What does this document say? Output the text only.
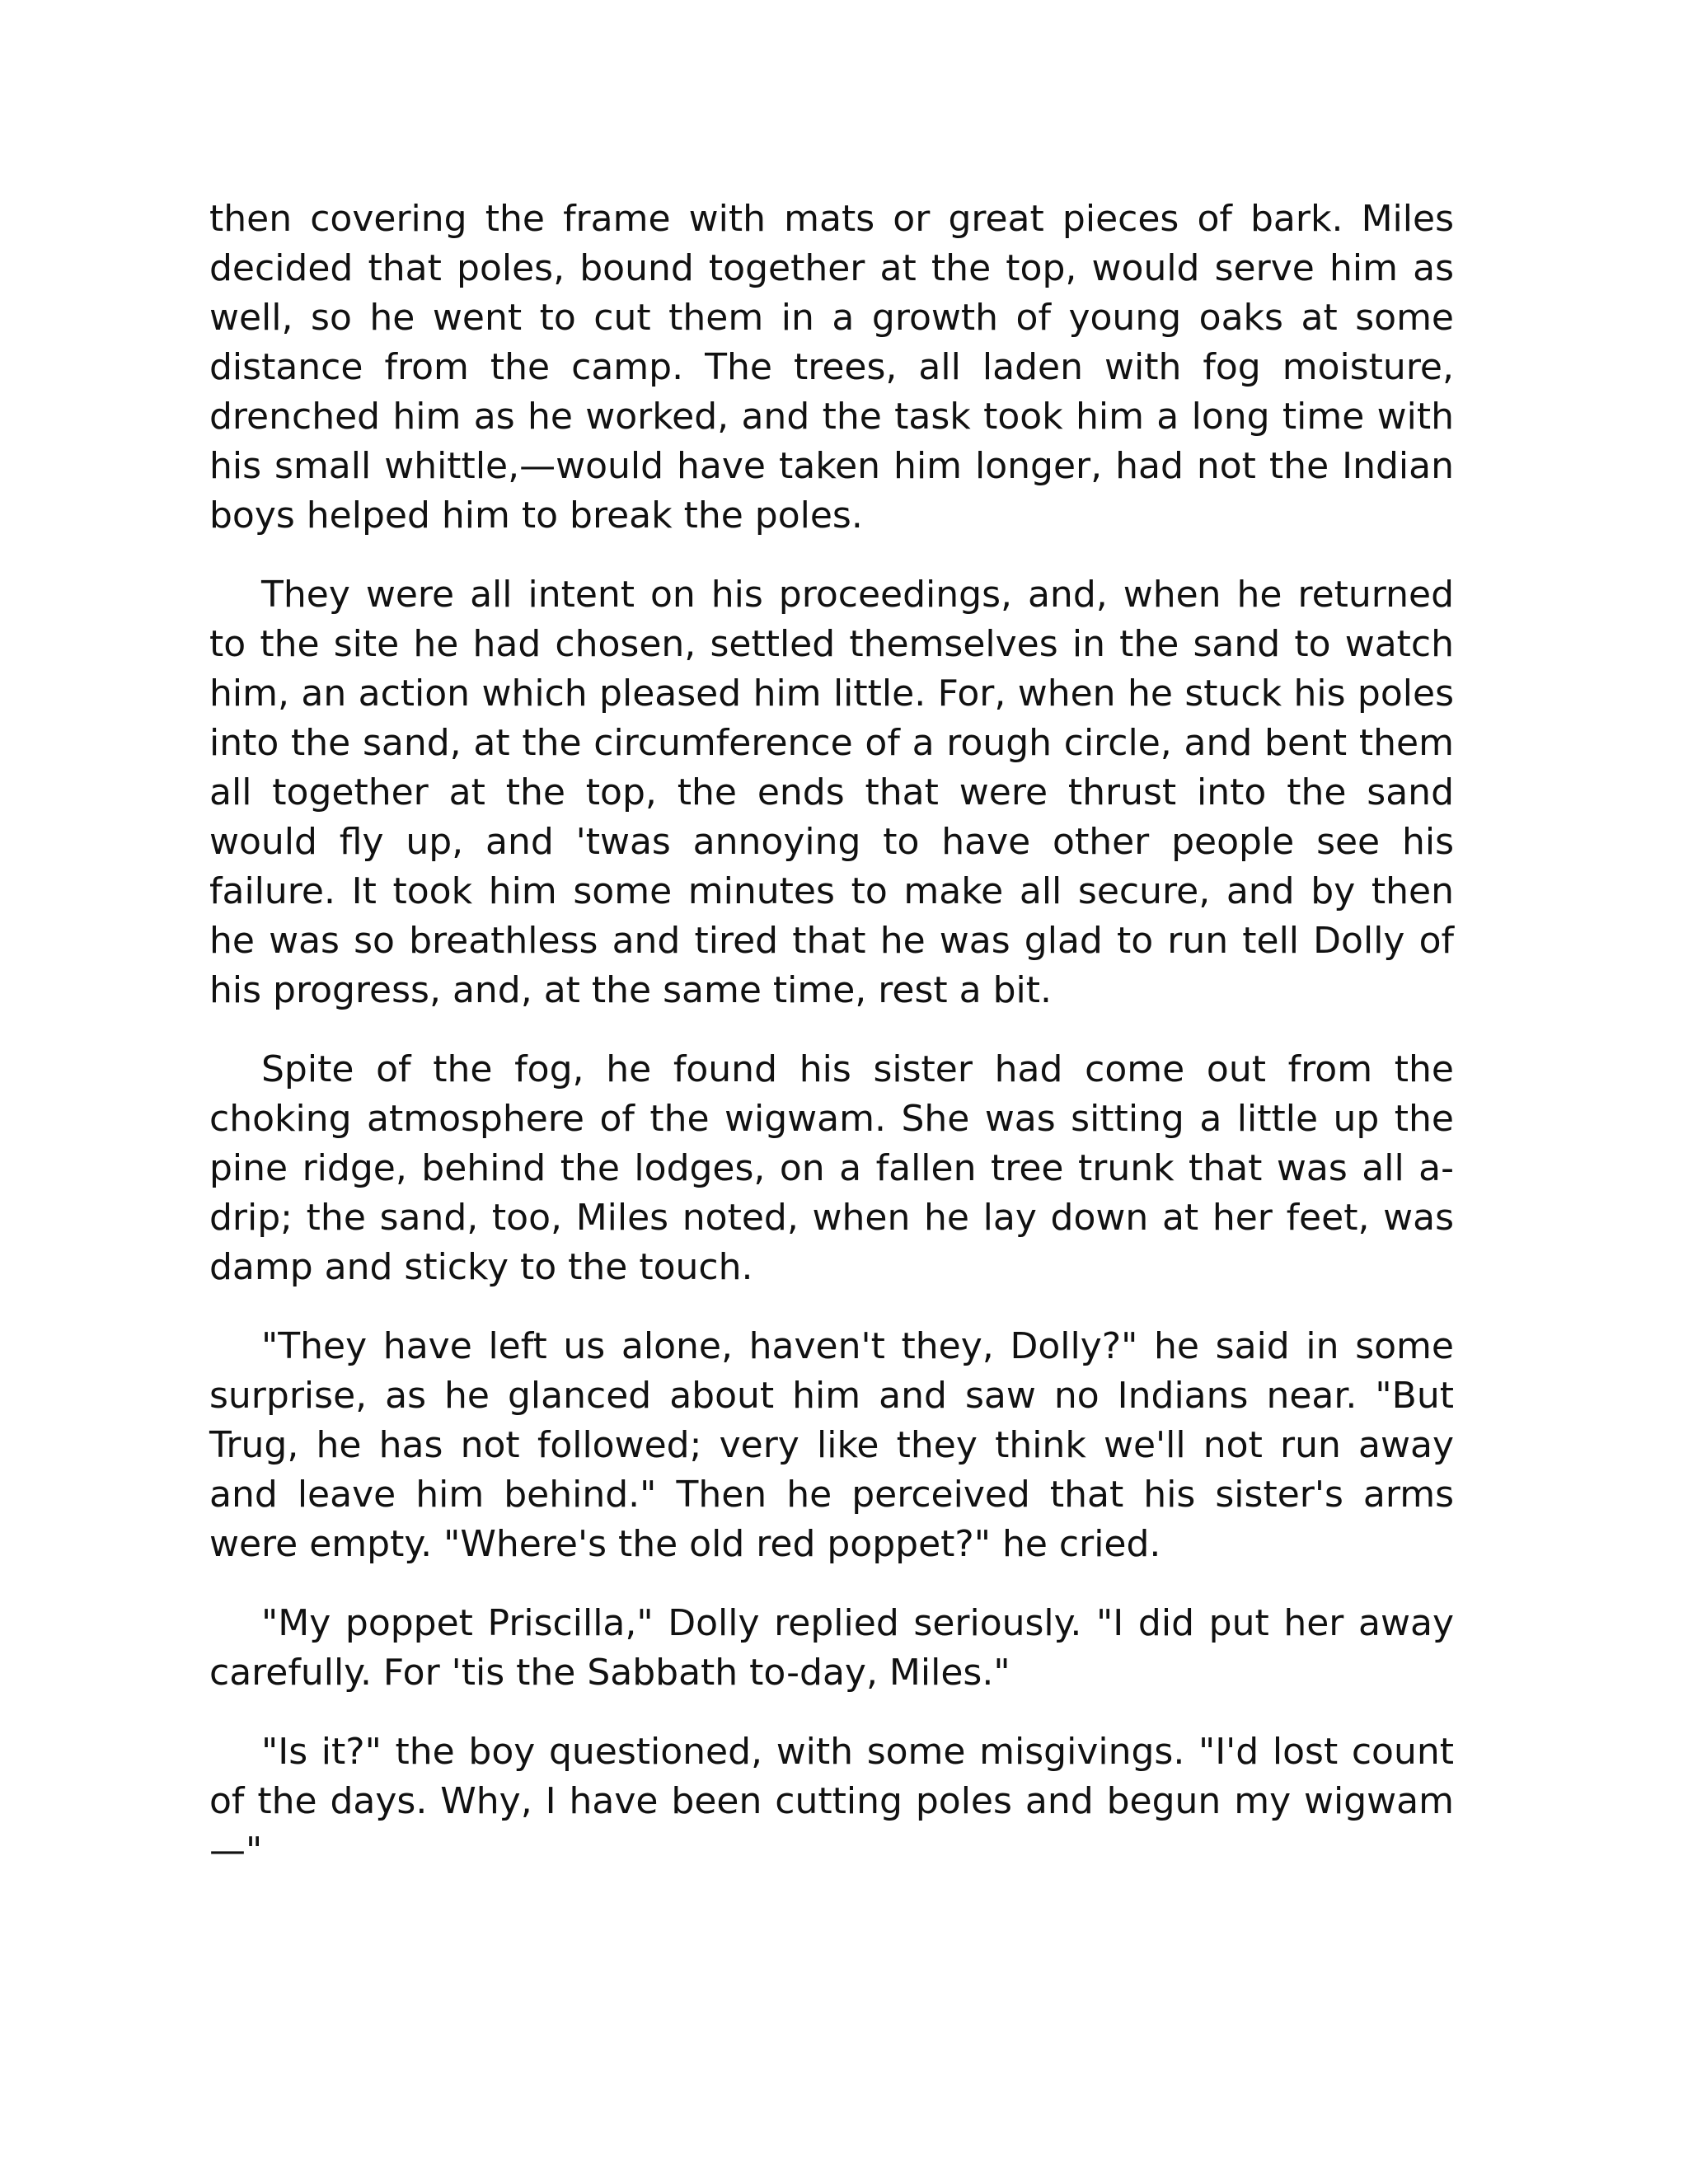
then covering the frame with mats or great pieces of bark. Miles decided that poles, bound together at the top, would serve him as well, so he went to cut them in a growth of young oaks at some distance from the camp. The trees, all laden with fog moisture, drenched him as he worked, and the task took him a long time with his small whittle,—would have taken him longer, had not the Indian boys helped him to break the poles.

They were all intent on his proceedings, and, when he returned to the site he had chosen, settled themselves in the sand to watch him, an action which pleased him little. For, when he stuck his poles into the sand, at the circumference of a rough circle, and bent them all together at the top, the ends that were thrust into the sand would fly up, and 'twas annoying to have other people see his failure. It took him some minutes to make all secure, and by then he was so breathless and tired that he was glad to run tell Dolly of his progress, and, at the same time, rest a bit.

Spite of the fog, he found his sister had come out from the choking atmosphere of the wigwam. She was sitting a little up the pine ridge, behind the lodges, on a fallen tree trunk that was all a-drip; the sand, too, Miles noted, when he lay down at her feet, was damp and sticky to the touch.

"They have left us alone, haven't they, Dolly?" he said in some surprise, as he glanced about him and saw no Indians near. "But Trug, he has not followed; very like they think we'll not run away and leave him behind." Then he perceived that his sister's arms were empty. "Where's the old red poppet?" he cried.

"My poppet Priscilla," Dolly replied seriously. "I did put her away carefully. For 'tis the Sabbath to-day, Miles."

"Is it?" the boy questioned, with some misgivings. "I'd lost count of the days. Why, I have been cutting poles and begun my wigwam —"
